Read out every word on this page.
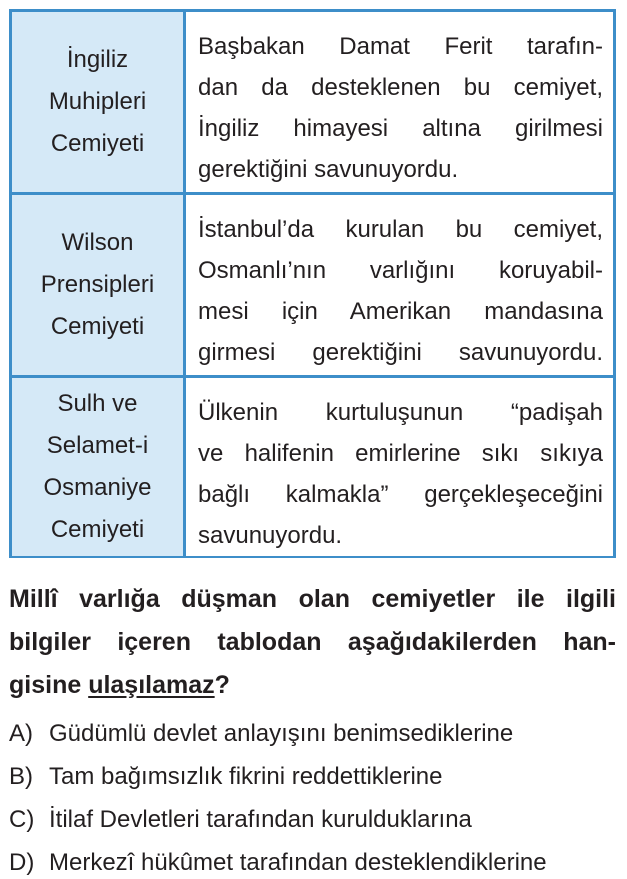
İngiliz
Muhipleri
Cemiyeti
Başbakan Damat Ferit tarafın-
dan da desteklenen bu cemiyet,
İngiliz himayesi altına girilmesi
gerektiğini savunuyordu.
Wilson
Prensipleri
Cemiyeti
İstanbul’da kurulan bu cemiyet,
Osmanlı’nın varlığını koruyabil-
mesi için Amerikan mandasına
girmesi gerektiğini savunuyordu.
Sulh ve
Selamet-i
Osmaniye
Cemiyeti
Ülkenin kurtuluşunun “padişah
ve halifenin emirlerine sıkı sıkıya
bağlı kalmakla” gerçekleşeceğini
savunuyordu.
Millî varlığa düşman olan cemiyetler ile ilgili
bilgiler içeren tablodan aşağıdakilerden han-
gisine ulaşılamaz?
A) Güdümlü devlet anlayışını benimsediklerine
B) Tam bağımsızlık fikrini reddettiklerine
C) İtilaf Devletleri tarafından kurulduklarına
D) Merkezî hükûmet tarafından desteklendiklerine
